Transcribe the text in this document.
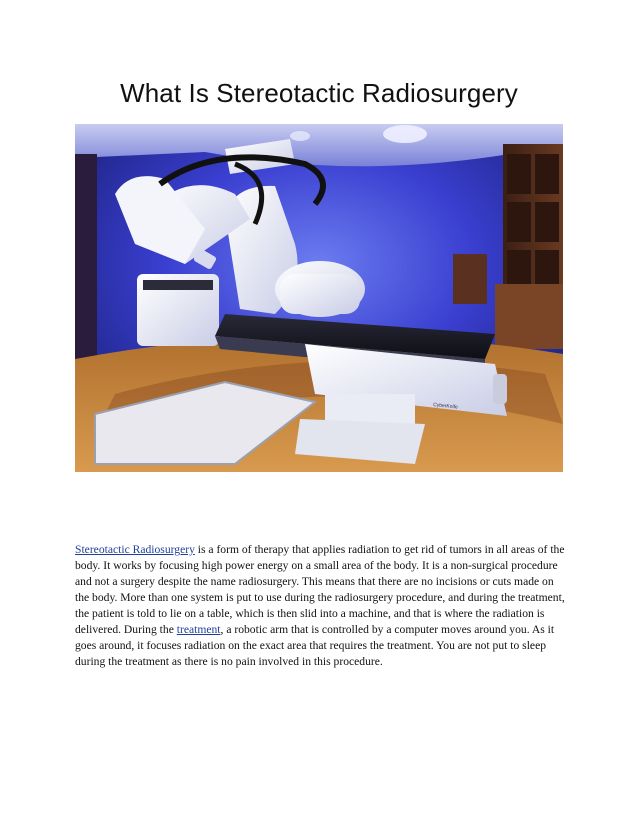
What Is Stereotactic Radiosurgery
CyberKnife

Stereotactic Radiosurgery is a form of therapy that applies radiation to get rid of tumors in all areas of the body. It works by focusing high power energy on a small area of the body. It is a non-surgical procedure and not a surgery despite the name radiosurgery. This means that there are no incisions or cuts made on the body. More than one system is put to use during the radiosurgery procedure, and during the treatment, the patient is told to lie on a table, which is then slid into a machine, and that is where the radiation is delivered. During the treatment, a robotic arm that is controlled by a computer moves around you. As it goes around, it focuses radiation on the exact area that requires the treatment. You are not put to sleep during the treatment as there is no pain involved in this procedure.
